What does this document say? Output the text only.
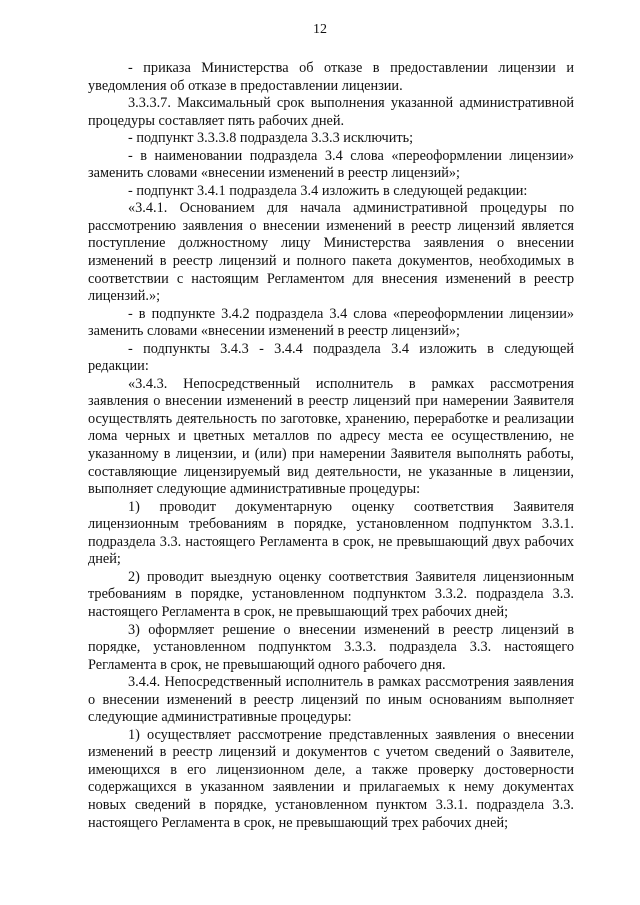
12

- приказа Министерства об отказе в предоставлении лицензии и уведомления об отказе в предоставлении лицензии.

3.3.3.7. Максимальный срок выполнения указанной административной процедуры составляет пять рабочих дней.

- подпункт 3.3.3.8 подраздела 3.3.3 исключить;

- в наименовании подраздела 3.4 слова «переоформлении лицензии» заменить словами «внесении изменений в реестр лицензий»;

- подпункт 3.4.1 подраздела 3.4 изложить в следующей редакции:

«3.4.1. Основанием для начала административной процедуры по рассмотрению заявления о внесении изменений в реестр лицензий является поступление должностному лицу Министерства заявления о внесении изменений в реестр лицензий и полного пакета документов, необходимых в соответствии с настоящим Регламентом для внесения изменений в реестр лицензий.»;

- в подпункте 3.4.2 подраздела 3.4 слова «переоформлении лицензии» заменить словами «внесении изменений в реестр лицензий»;

- подпункты 3.4.3 - 3.4.4 подраздела 3.4 изложить в следующей редакции:

«3.4.3. Непосредственный исполнитель в рамках рассмотрения заявления о внесении изменений в реестр лицензий при намерении Заявителя осуществлять деятельность по заготовке, хранению, переработке и реализации лома черных и цветных металлов по адресу места ее осуществлению, не указанному в лицензии, и (или) при намерении Заявителя выполнять работы, составляющие лицензируемый вид деятельности, не указанные в лицензии, выполняет следующие административные процедуры:

1) проводит документарную оценку соответствия Заявителя лицензионным требованиям в порядке, установленном подпунктом 3.3.1. подраздела 3.3. настоящего Регламента в срок, не превышающий двух рабочих дней;

2) проводит выездную оценку соответствия Заявителя лицензионным требованиям в порядке, установленном подпунктом 3.3.2. подраздела 3.3. настоящего Регламента в срок, не превышающий трех рабочих дней;

3) оформляет решение о внесении изменений в реестр лицензий в порядке, установленном подпунктом 3.3.3. подраздела 3.3. настоящего Регламента в срок, не превышающий одного рабочего дня.

3.4.4. Непосредственный исполнитель в рамках рассмотрения заявления о внесении изменений в реестр лицензий по иным основаниям выполняет следующие административные процедуры:

1) осуществляет рассмотрение представленных заявления о внесении изменений в реестр лицензий и документов с учетом сведений о Заявителе, имеющихся в его лицензионном деле, а также проверку достоверности содержащихся в указанном заявлении и прилагаемых к нему документах новых сведений в порядке, установленном пунктом 3.3.1. подраздела 3.3. настоящего Регламента в срок, не превышающий трех рабочих дней;
